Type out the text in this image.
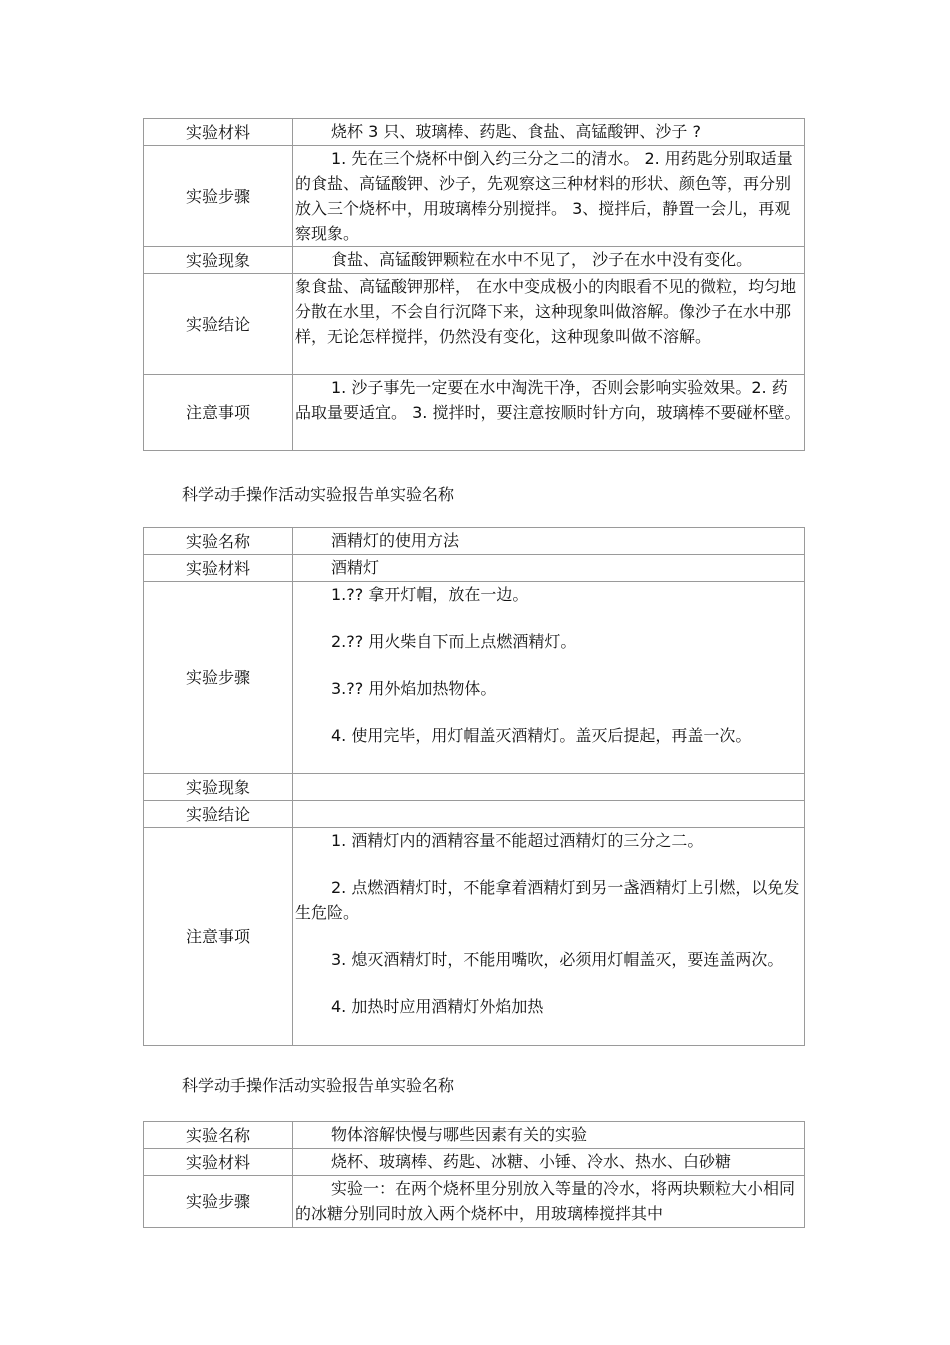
实验材料	烧杯 3 只、玻璃棒、药匙、食盐、高锰酸钾、沙子 ?
实验步骤	1. 先在三个烧杯中倒入约三分之二的清水。 2. 用药匙分别取适量的食盐、高锰酸钾、沙子，先观察这三种材料的形状、颜色等，再分别放入三个烧杯中，用玻璃棒分别搅拌。 3、搅拌后，静置一会儿，再观察现象。
实验现象	食盐、高锰酸钾颗粒在水中不见了， 沙子在水中没有变化。
实验结论	象食盐、高锰酸钾那样， 在水中变成极小的肉眼看不见的微粒，均匀地分散在水里，不会自行沉降下来，这种现象叫做溶解。像沙子在水中那样，无论怎样搅拌，仍然没有变化，这种现象叫做不溶解。
注意事项	1. 沙子事先一定要在水中淘洗干净，否则会影响实验效果。2. 药品取量要适宜。 3. 搅拌时，要注意按顺时针方向，玻璃棒不要碰杯壁。
科学动手操作活动实验报告单实验名称
实验名称	酒精灯的使用方法
实验材料	酒精灯
实验步骤	1.?? 拿开灯帽，放在一边。

2.?? 用火柴自下而上点燃酒精灯。

3.?? 用外焰加热物体。

4. 使用完毕，用灯帽盖灭酒精灯。盖灭后提起，再盖一次。

实验现象	
实验结论	
注意事项	1. 酒精灯内的酒精容量不能超过酒精灯的三分之二。

2. 点燃酒精灯时，不能拿着酒精灯到另一盏酒精灯上引燃，以免发生危险。

3. 熄灭酒精灯时，不能用嘴吹，必须用灯帽盖灭，要连盖两次。

4. 加热时应用酒精灯外焰加热

科学动手操作活动实验报告单实验名称
实验名称	物体溶解快慢与哪些因素有关的实验
实验材料	烧杯、玻璃棒、药匙、冰糖、小锤、冷水、热水、白砂糖
实验步骤	实验一：在两个烧杯里分别放入等量的冷水，将两块颗粒大小相同的冰糖分别同时放入两个烧杯中，用玻璃棒搅拌其中
